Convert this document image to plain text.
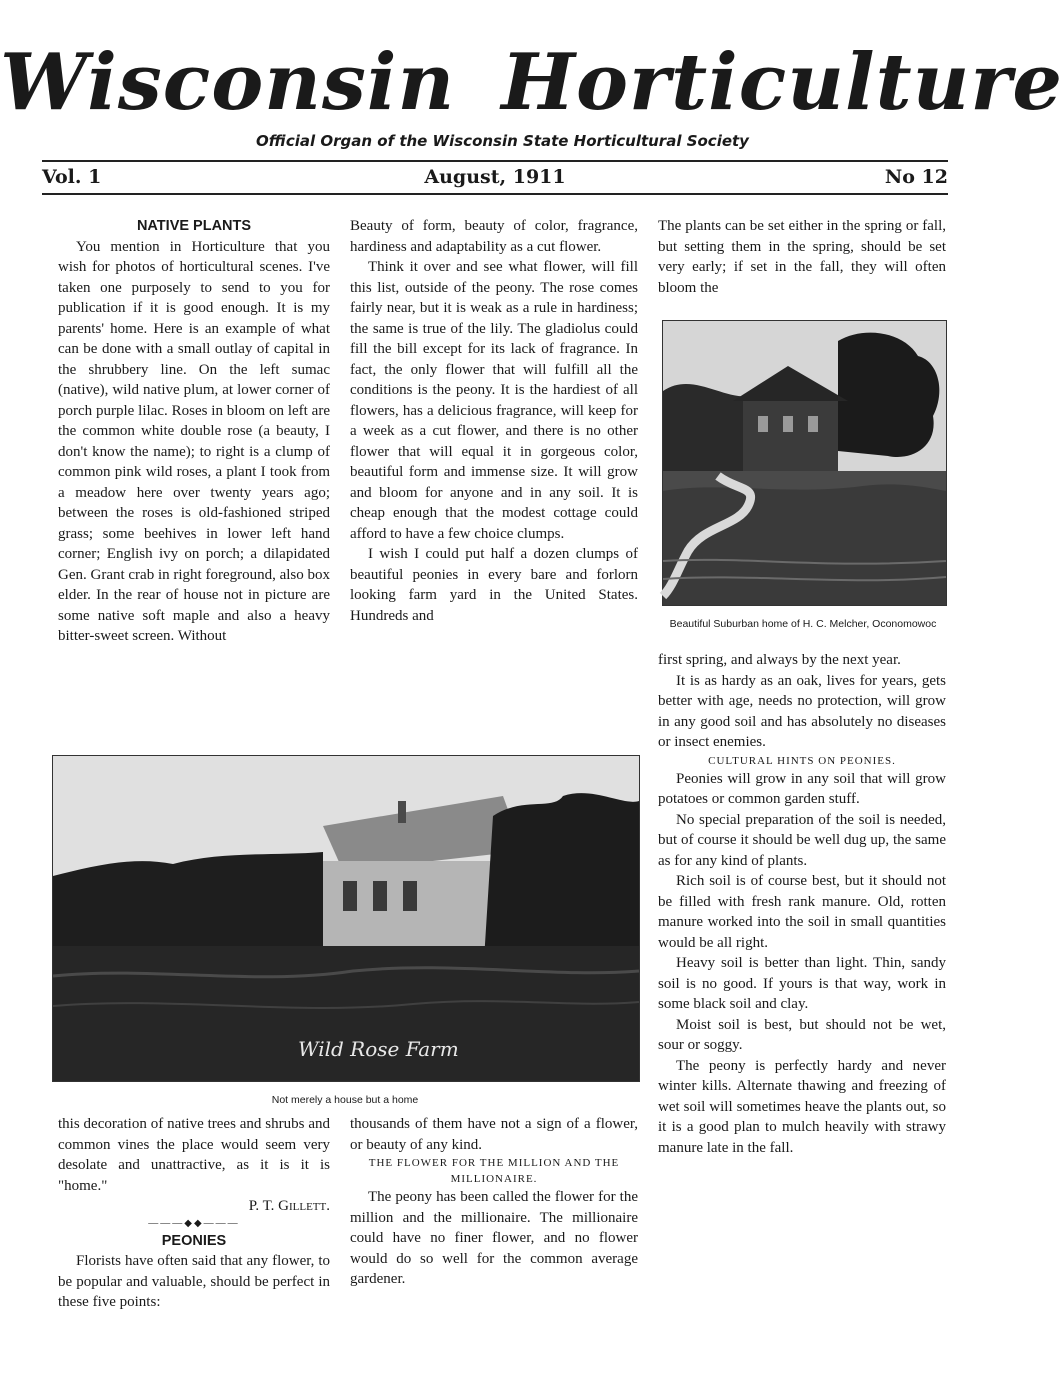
Wisconsin Horticulture
Official Organ of the Wisconsin State Horticultural Society
Vol. 1	August, 1911	No 12

NATIVE PLANTS

You mention in Horticulture that you wish for photos of horticultural scenes. I've taken one purposely to send to you for publication if it is good enough. It is my parents' home. Here is an example of what can be done with a small outlay of capital in the shrubbery line. On the left sumac (native), wild native plum, at lower corner of porch purple lilac. Roses in bloom on left are the common white double rose (a beauty, I don't know the name); to right is a clump of common pink wild roses, a plant I took from a meadow here over twenty years ago; between the roses is old-fashioned striped grass; some beehives in lower left hand corner; English ivy on porch; a dilapidated Gen. Grant crab in right foreground, also box elder. In the rear of house not in picture are some native soft maple and also a heavy bitter-sweet screen. Without

Beauty of form, beauty of color, fragrance, hardiness and adaptability as a cut flower.

Think it over and see what flower, will fill this list, outside of the peony. The rose comes fairly near, but it is weak as a rule in hardiness; the same is true of the lily. The gladiolus could fill the bill except for its lack of fragrance. In fact, the only flower that will fulfill all the conditions is the peony. It is the hardiest of all flowers, has a delicious fragrance, will keep for a week as a cut flower, and there is no other flower that will equal it in gorgeous color, beautiful form and immense size. It will grow and bloom for anyone and in any soil. It is cheap enough that the modest cottage could afford to have a few choice clumps.

I wish I could put half a dozen clumps of beautiful peonies in every bare and forlorn looking farm yard in the United States. Hundreds and

The plants can be set either in the spring or fall, but setting them in the spring, should be set very early; if set in the fall, they will often bloom the

Beautiful Suburban home of H. C. Melcher, Oconomowoc

first spring, and always by the next year.

It is as hardy as an oak, lives for years, gets better with age, needs no protection, will grow in any good soil and has absolutely no diseases or insect enemies.

CULTURAL HINTS ON PEONIES.

Peonies will grow in any soil that will grow potatoes or common garden stuff.

No special preparation of the soil is needed, but of course it should be well dug up, the same as for any kind of plants.

Rich soil is of course best, but it should not be filled with fresh rank manure. Old, rotten manure worked into the soil in small quantities would be all right.

Heavy soil is better than light. Thin, sandy soil is no good. If yours is that way, work in some black soil and clay.

Moist soil is best, but should not be wet, sour or soggy.

The peony is perfectly hardy and never winter kills. Alternate thawing and freezing of wet soil will sometimes heave the plants out, so it is a good plan to mulch heavily with strawy manure late in the fall.

Wild Rose Farm
Not merely a house but a home

this decoration of native trees and shrubs and common vines the place would seem very desolate and unattractive, as it is it is "home."

P. T. Gillett.

———◆◆———

PEONIES

Florists have often said that any flower, to be popular and valuable, should be perfect in these five points:

thousands of them have not a sign of a flower, or beauty of any kind.

THE FLOWER FOR THE MILLION AND THE MILLIONAIRE.

The peony has been called the flower for the million and the millionaire. The millionaire could have no finer flower, and no flower would do so well for the common average gardener.
